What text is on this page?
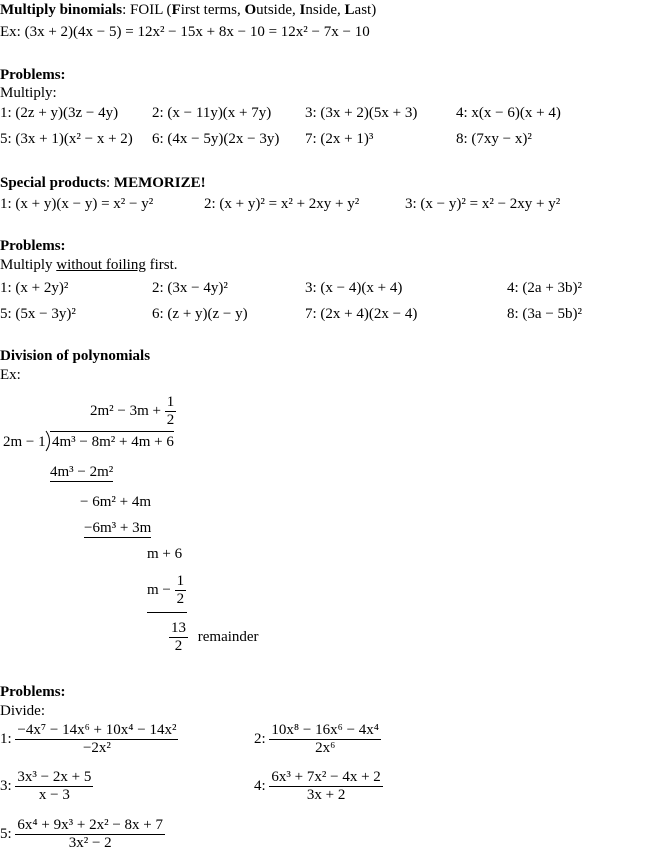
Multiply binomials: FOIL (First terms, Outside, Inside, Last)
Ex: (3x + 2)(4x − 5) = 12x² − 15x + 8x − 10 = 12x² − 7x − 10
Problems:
Multiply:
1: (2z + y)(3z − 4y) 2: (x − 11y)(x + 7y) 3: (3x + 2)(5x + 3)	4: x(x − 6)(x + 4)
5: (3x + 1)(x² − x + 2) 6: (4x − 5y)(2x − 3y) 7: (2x + 1)³	8: (7xy − x)²
Special products: MEMORIZE!
1: (x + y)(x − y) = x² − y²	2: (x + y)² = x² + 2xy + y²	3: (x − y)² = x² − 2xy + y²
Problems:
Multiply without foiling first.
1: (x + 2y)²	2: (3x − 4y)²	3: (x − 4)(x + 4)	4: (2a + 3b)²
5: (5x − 3y)²	6: (z + y)(z − y)	7: (2x + 4)(2x − 4)	8: (3a − 5b)²
Division of polynomials
Ex:
$2m^2 - 3m + \frac{1}{2}$
2m − 1 4m³ − 8m² + 4m + 6
4m³ − 2m²
− 6m² + 4m
−6m³ + 3m
m + 6
$m - \frac{1}{2}$
$\frac{13}{2}$ remainder
Problems:
Divide:
1: $\frac{\text{−4x⁷ − 14x⁶ + 10x⁴ − 14x²}}{\text{−2x²}}$	2: $\frac{\text{10x⁸ − 16x⁶ − 4x⁴}}{\text{2x⁶}}$
3: $\frac{\text{3x³ − 2x + 5}}{x - 3}$	4: $\frac{\text{6x³ + 7x² − 4x + 2}}{3x + 2}$
5: $\frac{\text{6x⁴ + 9x³ + 2x² − 8x + 7}}{\text{3x² − 2}}$
